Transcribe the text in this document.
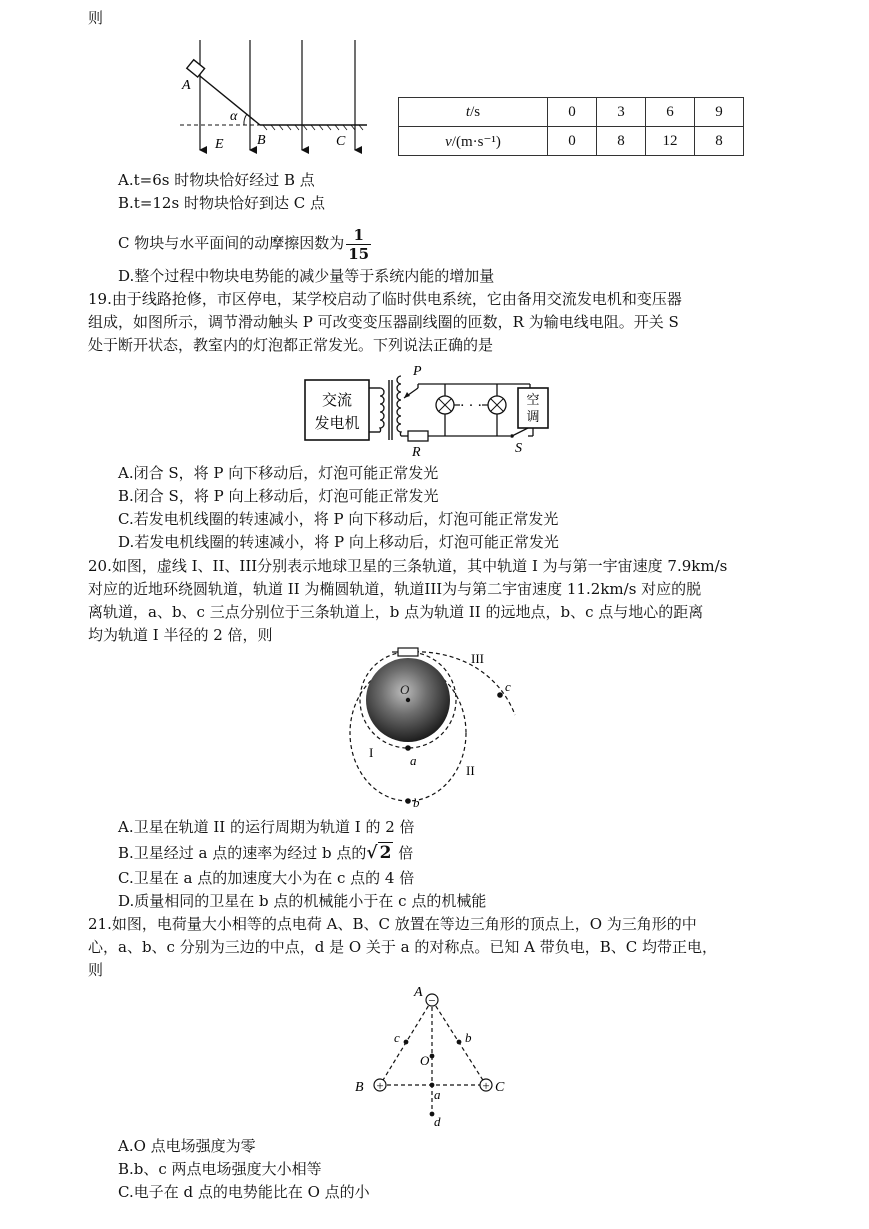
则
A
α
B
E	C
t/s	0	3	6	9
v/(m·s⁻¹)	0	8	12	8
A.t=6s 时物块恰好经过 B 点
B.t=12s 时物块恰好到达 C 点
C 物块与水平面间的动摩擦因数为 $\frac{1}{15}$
D.整个过程中物块电势能的减少量等于系统内能的增加量
19.由于线路抢修，市区停电，某学校启动了临时供电系统，它由备用交流发电机和变压器
组成，如图所示，调节滑动触头 P 可改变变压器副线圈的匝数，R 为输电线电阻。开关 S
处于断开状态，教室内的灯泡都正常发光。下列说法正确的是
交流
发电机
P
R
· · ·	空
调
S
A.闭合 S，将 P 向下移动后，灯泡可能正常发光
B.闭合 S，将 P 向上移动后，灯泡可能正常发光
C.若发电机线圈的转速减小，将 P 向下移动后，灯泡可能正常发光
D.若发电机线圈的转速减小，将 P 向上移动后，灯泡可能正常发光
20.如图，虚线 I、II、III分别表示地球卫星的三条轨道，其中轨道 I 为与第一宇宙速度 7.9km/s
对应的近地环绕圆轨道，轨道 II 为椭圆轨道，轨道III为与第二宇宙速度 11.2km/s 对应的脱
离轨道，a、b、c 三点分别位于三条轨道上，b 点为轨道 II 的远地点，b、c 点与地心的距离
均为轨道 I 半径的 2 倍，则
III
c
O
I
a
II
b
A.卫星在轨道 II 的运行周期为轨道 I 的 2 倍
B.卫星经过 a 点的速率为经过 b 点的√ 2 倍
C.卫星在 a 点的加速度大小为在 c 点的 4 倍
D.质量相同的卫星在 b 点的机械能小于在 c 点的机械能
21.如图，电荷量大小相等的点电荷 A、B、C 放置在等边三角形的顶点上，O 为三角形的中
心，a、b、c 分别为三边的中点，d 是 O 关于 a 的对称点。已知 A 带负电，B、C 均带正电，
则
−
+	+
A
B	C
O
c	b
a
d
A.O 点电场强度为零
B.b、c 两点电场强度大小相等
C.电子在 d 点的电势能比在 O 点的小
